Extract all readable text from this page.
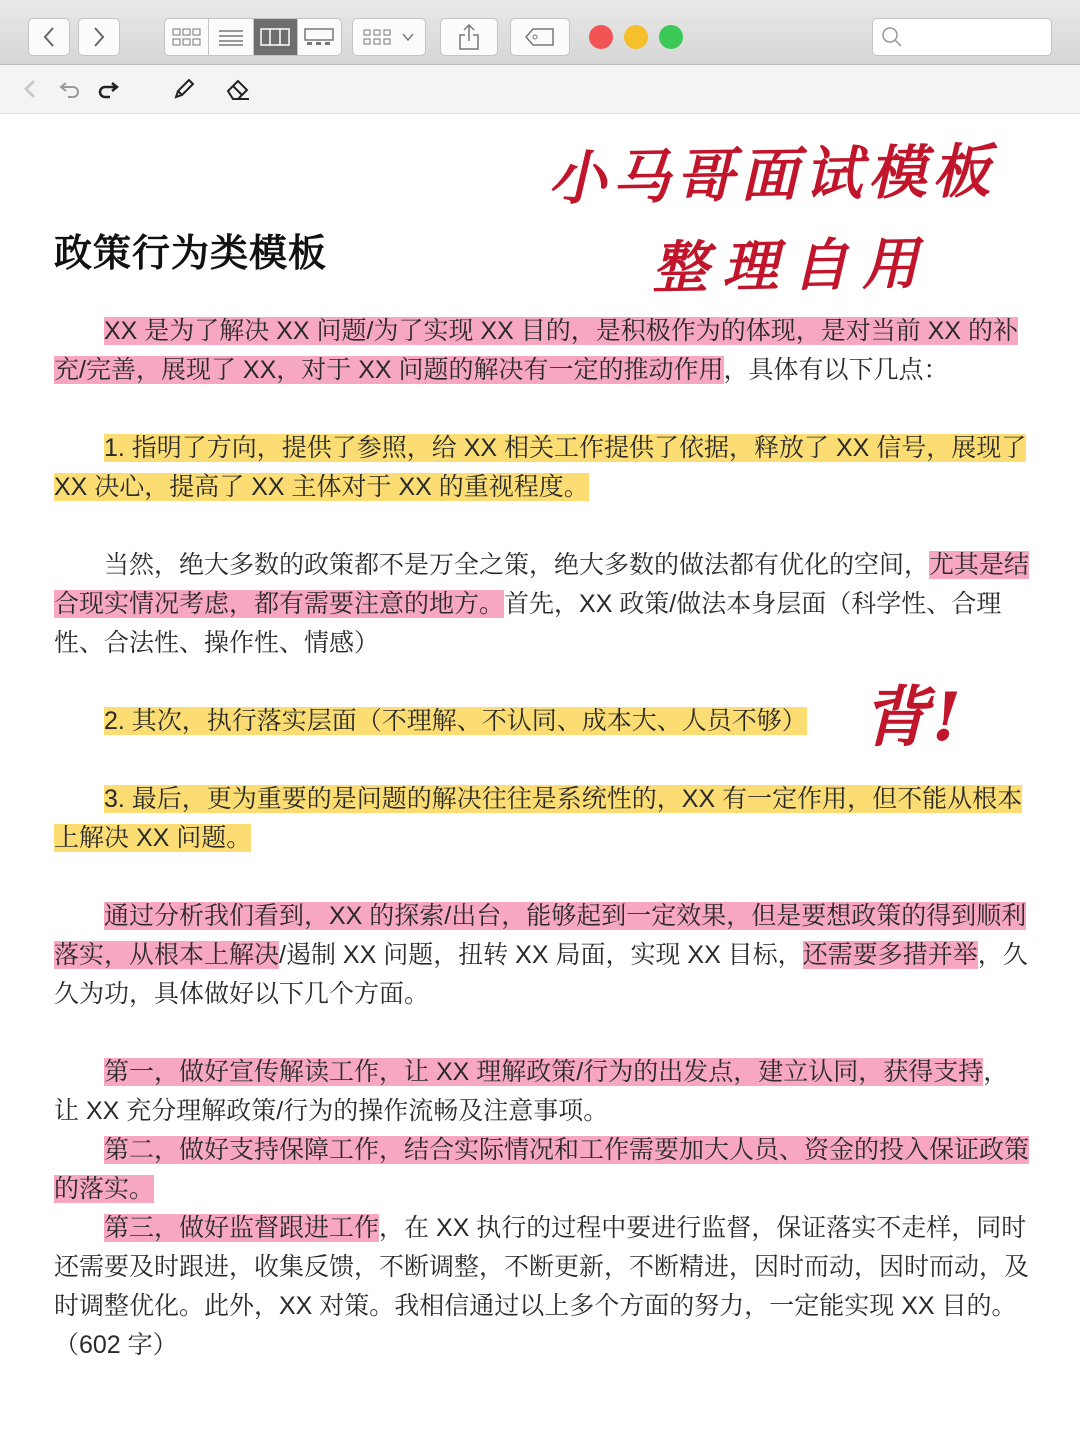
小马哥面试模板
政策行为类模板	整理自用
背!

XX 是为了解决 XX 问题/为了实现 XX 目的，是积极作为的体现，是对当前 XX 的补充/完善，展现了 XX，对于 XX 问题的解决有一定的推动作用，具体有以下几点：

1. 指明了方向，提供了参照，给 XX 相关工作提供了依据，释放了 XX 信号，展现了 XX 决心，提高了 XX 主体对于 XX 的重视程度。

当然，绝大多数的政策都不是万全之策，绝大多数的做法都有优化的空间，尤其是结合现实情况考虑，都有需要注意的地方。首先，XX 政策/做法本身层面（科学性、合理性、合法性、操作性、情感）

2. 其次，执行落实层面（不理解、不认同、成本大、人员不够）

3. 最后，更为重要的是问题的解决往往是系统性的，XX 有一定作用，但不能从根本上解决 XX 问题。

通过分析我们看到，XX 的探索/出台，能够起到一定效果，但是要想政策的得到顺利落实，从根本上解决/遏制 XX 问题，扭转 XX 局面，实现 XX 目标，还需要多措并举，久久为功，具体做好以下几个方面。

第一，做好宣传解读工作，让 XX 理解政策/行为的出发点，建立认同，获得支持，让 XX 充分理解政策/行为的操作流畅及注意事项。

第二，做好支持保障工作，结合实际情况和工作需要加大人员、资金的投入保证政策的落实。

第三，做好监督跟进工作，在 XX 执行的过程中要进行监督，保证落实不走样，同时还需要及时跟进，收集反馈，不断调整，不断更新，不断精进，因时而动，因时而动，及时调整优化。此外，XX 对策。我相信通过以上多个方面的努力，一定能实现 XX 目的。（602 字）
